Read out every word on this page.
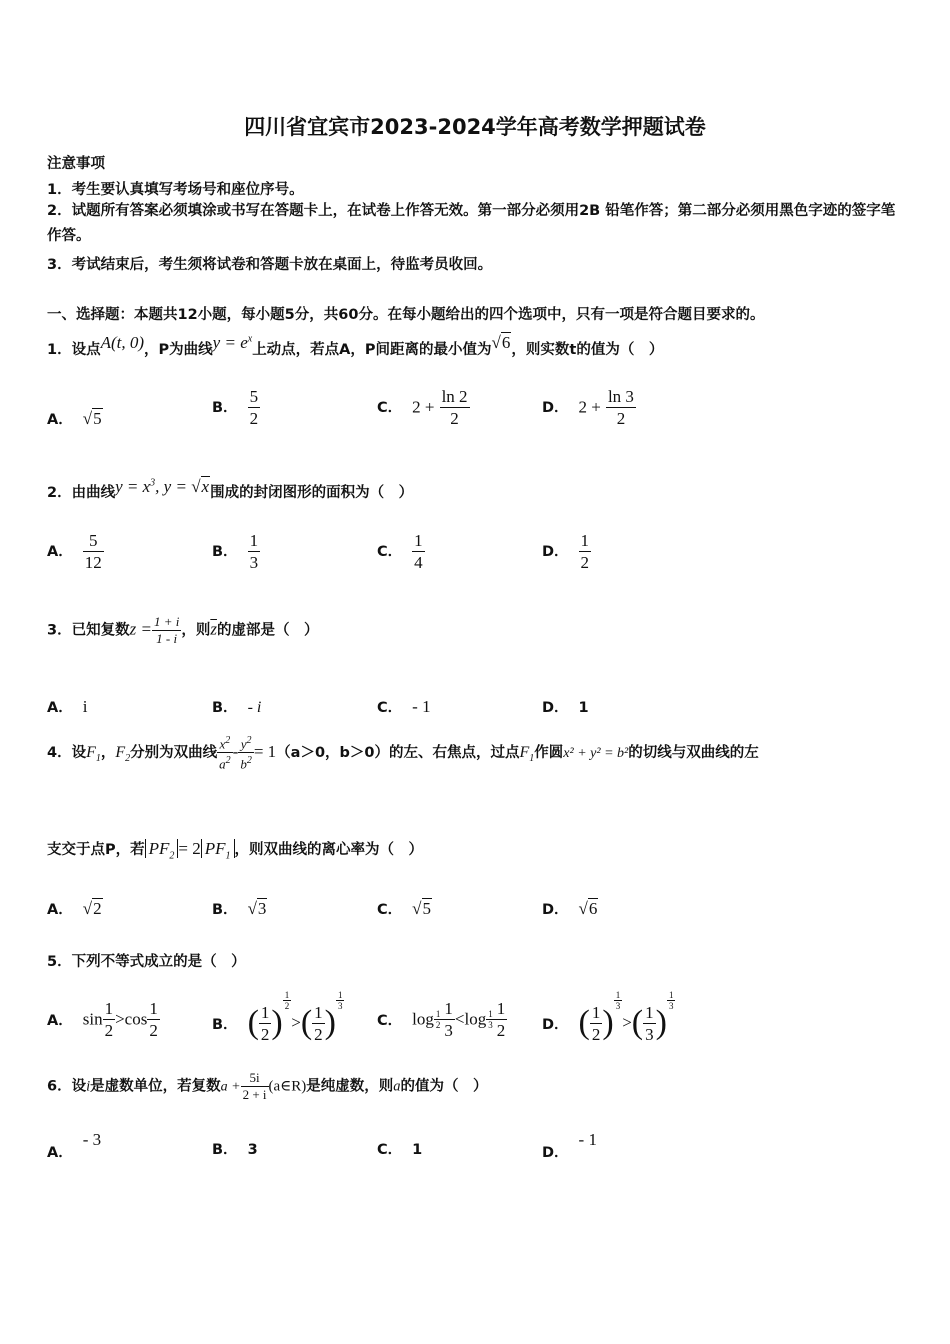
四川省宜宾市2023-2024学年高考数学押题试卷
注意事项
1．考生要认真填写考场号和座位序号。
2．试题所有答案必须填涂或书写在答题卡上，在试卷上作答无效。第一部分必须用2B 铅笔作答；第二部分必须用黑色字迹的签字笔作答。
3．考试结束后，考生须将试卷和答题卡放在桌面上，待监考员收回。
一、选择题：本题共12小题，每小题5分，共60分。在每小题给出的四个选项中，只有一项是符合题目要求的。
1．设点A(t, 0)，P为曲线$y = e^x$上动点，若点A，P间距离的最小值为 √ 6，则实数t的值为（　）
A． √ 5
B． $\frac{5}{2}$	C． $2 + \frac{\ln 2}{2}$	D． $2 + \frac{\ln 3}{2}$
2．由曲线$y = x^3$, y = √ x围成的封闭图形的面积为（　）
A． $\frac{5}{12}$	B． $\frac{1}{3}$	C． $\frac{1}{4}$	D． $\frac{1}{2}$
3．已知复数$z = \frac{1 + i}{1 - i}$ ，则$\overline{z}$的虚部是（　）
A． i	B． - i	C． - 1	D． 1
4．设$F_1$，$F_2$分别为双曲线 $\frac{x^2}{a^2} - \frac{y^2}{b^2} = 1(a>0$，b＞0）的左、右焦点，过点$F_1$作圆x² + y² = b²的切线与双曲线的左
支交于点P，若 $PF_2 = 2$ $PF_1$ ，则双曲线的离心率为（　）
A． √ 2	B． √ 3	C． √ 5	D． √ 6
5．下列不等式成立的是（　）
A． $\sin \frac{1}{2} >\cos \frac{1}{2}$	B． ( $\frac{1}{2}$ )
$^{\frac{1}{2}}$
>( $\frac{1}{2}$ )
$^{\frac{1}{3}}$
C． $\log \frac{1}{2} \frac{1}{3} <\log \frac{1}{3} \frac{1}{2}$ D． ( $\frac{1}{2}$ )
$^{\frac{1}{3}}$
>( $\frac{1}{3}$ )
$^{\frac{1}{3}}$
6．设i是虚数单位，若复数$a + \frac{5i}{2 + i}$ (a∈R)是纯虚数，则a的值为（　）
A．- 3
B． 3	C． 1	D．- 1
